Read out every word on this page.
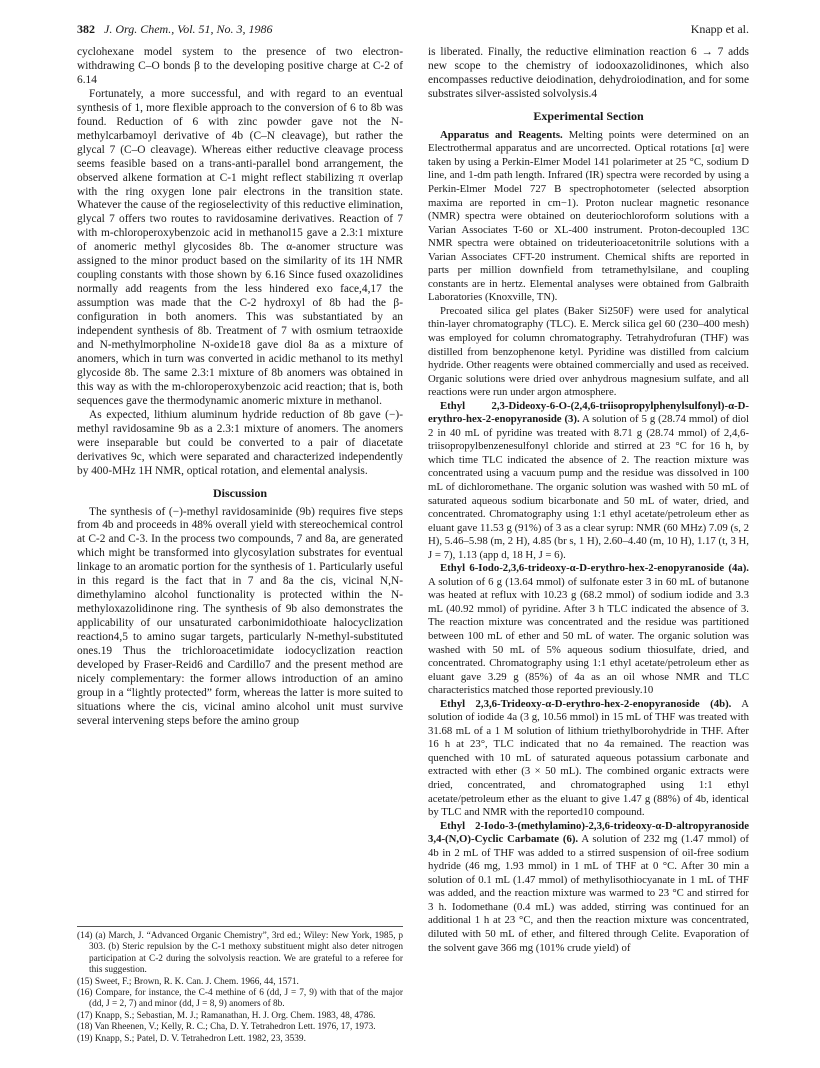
382 J. Org. Chem., Vol. 51, No. 3, 1986	Knapp et al.

cyclohexane model system to the presence of two electron-withdrawing C–O bonds β to the developing positive charge at C-2 of 6.14

Fortunately, a more successful, and with regard to an eventual synthesis of 1, more flexible approach to the conversion of 6 to 8b was found. Reduction of 6 with zinc powder gave not the N-methylcarbamoyl derivative of 4b (C–N cleavage), but rather the glycal 7 (C–O cleavage). Whereas either reductive cleavage process seems feasible based on a trans-anti-parallel bond arrangement, the observed alkene formation at C-1 might reflect stabilizing π overlap with the ring oxygen lone pair electrons in the transition state. Whatever the cause of the regioselectivity of this reductive elimination, glycal 7 offers two routes to ravidosamine derivatives. Reaction of 7 with m-chloroperoxybenzoic acid in methanol15 gave a 2.3:1 mixture of anomeric methyl glycosides 8b. The α-anomer structure was assigned to the minor product based on the similarity of its 1H NMR coupling constants with those shown by 6.16 Since fused oxazolidines normally add reagents from the less hindered exo face,4,17 the assumption was made that the C-2 hydroxyl of 8b had the β-configuration in both anomers. This was substantiated by an independent synthesis of 8b. Treatment of 7 with osmium tetraoxide and N-methylmorpholine N-oxide18 gave diol 8a as a mixture of anomers, which in turn was converted in acidic methanol to its methyl glycoside 8b. The same 2.3:1 mixture of 8b anomers was obtained in this way as with the m-chloroperoxybenzoic acid reaction; that is, both sequences gave the thermodynamic anomeric mixture in methanol.

As expected, lithium aluminum hydride reduction of 8b gave (−)-methyl ravidosamine 9b as a 2.3:1 mixture of anomers. The anomers were inseparable but could be converted to a pair of diacetate derivatives 9c, which were separated and characterized independently by 400-MHz 1H NMR, optical rotation, and elemental analysis.

Discussion

The synthesis of (−)-methyl ravidosaminide (9b) requires five steps from 4b and proceeds in 48% overall yield with stereochemical control at C-2 and C-3. In the process two compounds, 7 and 8a, are generated which might be transformed into glycosylation substrates for eventual linkage to an aromatic portion for the synthesis of 1. Particularly useful in this regard is the fact that in 7 and 8a the cis, vicinal N,N-dimethylamino alcohol functionality is protected within the N-methyloxazolidinone ring. The synthesis of 9b also demonstrates the applicability of our unsaturated carbonimidothioate halocyclization reaction4,5 to amino sugar targets, particularly N-methyl-substituted ones.19 Thus the trichloroacetimidate iodocyclization reaction developed by Fraser-Reid6 and Cardillo7 and the present method are nicely complementary: the former allows introduction of an amino group in a “lightly protected” form, whereas the latter is more suited to situations where the cis, vicinal amino alcohol unit must survive several intervening steps before the amino group

(14) (a) March, J. “Advanced Organic Chemistry”, 3rd ed.; Wiley: New York, 1985, p 303. (b) Steric repulsion by the C-1 methoxy substituent might also deter nitrogen participation at C-2 during the solvolysis reaction. We are grateful to a referee for this suggestion.

(15) Sweet, F.; Brown, R. K. Can. J. Chem. 1966, 44, 1571.

(16) Compare, for instance, the C-4 methine of 6 (dd, J = 7, 9) with that of the major (dd, J = 2, 7) and minor (dd, J = 8, 9) anomers of 8b.

(17) Knapp, S.; Sebastian, M. J.; Ramanathan, H. J. Org. Chem. 1983, 48, 4786.

(18) Van Rheenen, V.; Kelly, R. C.; Cha, D. Y. Tetrahedron Lett. 1976, 17, 1973.

(19) Knapp, S.; Patel, D. V. Tetrahedron Lett. 1982, 23, 3539.

is liberated. Finally, the reductive elimination reaction 6 → 7 adds new scope to the chemistry of iodooxazolidinones, which also encompasses reductive deiodination, dehydroiodination, and for some substrates silver-assisted solvolysis.4

Experimental Section

Apparatus and Reagents. Melting points were determined on an Electrothermal apparatus and are uncorrected. Optical rotations [α] were taken by using a Perkin-Elmer Model 141 polarimeter at 25 °C, sodium D line, and 1-dm path length. Infrared (IR) spectra were recorded by using a Perkin-Elmer Model 727 B spectrophotometer (selected absorption maxima are reported in cm−1). Proton nuclear magnetic resonance (NMR) spectra were obtained on deuteriochloroform solutions with a Varian Associates T-60 or XL-400 instrument. Proton-decoupled 13C NMR spectra were obtained on trideuterioacetonitrile solutions with a Varian Associates CFT-20 instrument. Chemical shifts are reported in parts per million downfield from tetramethylsilane, and coupling constants are in hertz. Elemental analyses were obtained from Galbraith Laboratories (Knoxville, TN).

Precoated silica gel plates (Baker Si250F) were used for analytical thin-layer chromatography (TLC). E. Merck silica gel 60 (230–400 mesh) was employed for column chromatography. Tetrahydrofuran (THF) was distilled from benzophenone ketyl. Pyridine was distilled from calcium hydride. Other reagents were obtained commercially and used as received. Organic solutions were dried over anhydrous magnesium sulfate, and all reactions were run under argon atmosphere.

Ethyl 2,3-Dideoxy-6-O-(2,4,6-triisopropylphenylsulfonyl)-α-D-erythro-hex-2-enopyranoside (3). A solution of 5 g (28.74 mmol) of diol 2 in 40 mL of pyridine was treated with 8.71 g (28.74 mmol) of 2,4,6-triisopropylbenzenesulfonyl chloride and stirred at 23 °C for 16 h, by which time TLC indicated the absence of 2. The reaction mixture was concentrated using a vacuum pump and the residue was dissolved in 100 mL of dichloromethane. The organic solution was washed with 50 mL of saturated aqueous sodium bicarbonate and 50 mL of water, dried, and concentrated. Chromatography using 1:1 ethyl acetate/petroleum ether as eluant gave 11.53 g (91%) of 3 as a clear syrup: NMR (60 MHz) 7.09 (s, 2 H), 5.46–5.98 (m, 2 H), 4.85 (br s, 1 H), 2.60–4.40 (m, 10 H), 1.17 (t, 3 H, J = 7), 1.13 (app d, 18 H, J = 6).

Ethyl 6-Iodo-2,3,6-trideoxy-α-D-erythro-hex-2-enopyranoside (4a). A solution of 6 g (13.64 mmol) of sulfonate ester 3 in 60 mL of butanone was heated at reflux with 10.23 g (68.2 mmol) of sodium iodide and 3.3 mL (40.92 mmol) of pyridine. After 3 h TLC indicated the absence of 3. The reaction mixture was concentrated and the residue was partitioned between 100 mL of ether and 50 mL of water. The organic solution was washed with 50 mL of 5% aqueous sodium thiosulfate, dried, and concentrated. Chromatography using 1:1 ethyl acetate/petroleum ether as eluant gave 3.29 g (85%) of 4a as an oil whose NMR and TLC characteristics matched those reported previously.10

Ethyl 2,3,6-Trideoxy-α-D-erythro-hex-2-enopyranoside (4b). A solution of iodide 4a (3 g, 10.56 mmol) in 15 mL of THF was treated with 31.68 mL of a 1 M solution of lithium triethylborohydride in THF. After 16 h at 23°, TLC indicated that no 4a remained. The reaction was quenched with 10 mL of saturated aqueous potassium carbonate and extracted with ether (3 × 50 mL). The combined organic extracts were dried, concentrated, and chromatographed using 1:1 ethyl acetate/petroleum ether as the eluant to give 1.47 g (88%) of 4b, identical by TLC and NMR with the reported10 compound.

Ethyl 2-Iodo-3-(methylamino)-2,3,6-trideoxy-α-D-altropyranoside 3,4-(N,O)-Cyclic Carbamate (6). A solution of 232 mg (1.47 mmol) of 4b in 2 mL of THF was added to a stirred suspension of oil-free sodium hydride (46 mg, 1.93 mmol) in 1 mL of THF at 0 °C. After 30 min a solution of 0.1 mL (1.47 mmol) of methylisothiocyanate in 1 mL of THF was added, and the reaction mixture was warmed to 23 °C and stirred for 3 h. Iodomethane (0.4 mL) was added, stirring was continued for an additional 1 h at 23 °C, and then the reaction mixture was concentrated, diluted with 50 mL of ether, and filtered through Celite. Evaporation of the solvent gave 366 mg (101% crude yield) of
